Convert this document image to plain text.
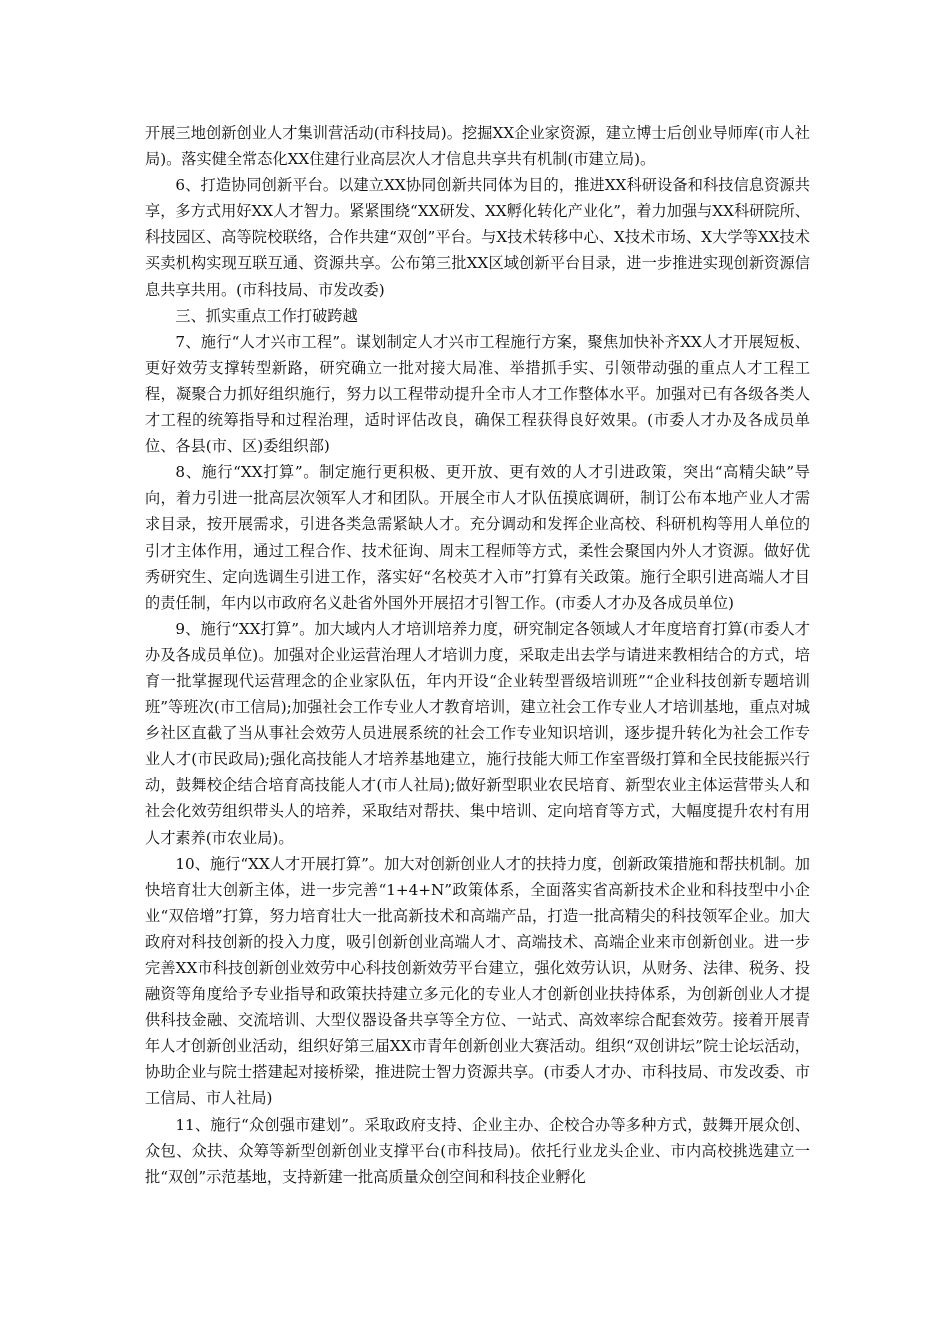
开展三地创新创业人才集训营活动(市科技局)。挖掘XX企业家资源，建立博士后创业导师库(市人社局)。落实健全常态化XX住建行业高层次人才信息共享共有机制(市建立局)。

6、打造协同创新平台。以建立XX协同创新共同体为目的，推进XX科研设备和科技信息资源共享，多方式用好XX人才智力。紧紧围绕“XX研发、XX孵化转化产业化”，着力加强与XX科研院所、科技园区、高等院校联络，合作共建“双创”平台。与X技术转移中心、X技术市场、X大学等XX技术买卖机构实现互联互通、资源共享。公布第三批XX区域创新平台目录，进一步推进实现创新资源信息共享共用。(市科技局、市发改委)

三、抓实重点工作打破跨越

7、施行“人才兴市工程”。谋划制定人才兴市工程施行方案，聚焦加快补齐XX人才开展短板、更好效劳支撑转型新路，研究确立一批对接大局准、举措抓手实、引领带动强的重点人才工程工程，凝聚合力抓好组织施行，努力以工程带动提升全市人才工作整体水平。加强对已有各级各类人才工程的统筹指导和过程治理，适时评估改良，确保工程获得良好效果。(市委人才办及各成员单位、各县(市、区)委组织部)

8、施行“XX打算”。制定施行更积极、更开放、更有效的人才引进政策，突出“高精尖缺”导向，着力引进一批高层次领军人才和团队。开展全市人才队伍摸底调研，制订公布本地产业人才需求目录，按开展需求，引进各类急需紧缺人才。充分调动和发挥企业高校、科研机构等用人单位的引才主体作用，通过工程合作、技术征询、周末工程师等方式，柔性会聚国内外人才资源。做好优秀研究生、定向选调生引进工作，落实好“名校英才入市”打算有关政策。施行全职引进高端人才目的责任制，年内以市政府名义赴省外国外开展招才引智工作。(市委人才办及各成员单位)

9、施行“XX打算”。加大域内人才培训培养力度，研究制定各领域人才年度培育打算(市委人才办及各成员单位)。加强对企业运营治理人才培训力度，采取走出去学与请进来教相结合的方式，培育一批掌握现代运营理念的企业家队伍，年内开设“企业转型晋级培训班”“企业科技创新专题培训班”等班次(市工信局);加强社会工作专业人才教育培训，建立社会工作专业人才培训基地，重点对城乡社区直截了当从事社会效劳人员进展系统的社会工作专业知识培训，逐步提升转化为社会工作专业人才(市民政局);强化高技能人才培养基地建立，施行技能大师工作室晋级打算和全民技能振兴行动，鼓舞校企结合培育高技能人才(市人社局);做好新型职业农民培育、新型农业主体运营带头人和社会化效劳组织带头人的培养，采取结对帮扶、集中培训、定向培育等方式，大幅度提升农村有用人才素养(市农业局)。

10、施行“XX人才开展打算”。加大对创新创业人才的扶持力度，创新政策措施和帮扶机制。加快培育壮大创新主体，进一步完善“1+4+N”政策体系，全面落实省高新技术企业和科技型中小企业“双倍增”打算，努力培育壮大一批高新技术和高端产品，打造一批高精尖的科技领军企业。加大政府对科技创新的投入力度，吸引创新创业高端人才、高端技术、高端企业来市创新创业。进一步完善XX市科技创新创业效劳中心科技创新效劳平台建立，强化效劳认识，从财务、法律、税务、投融资等角度给予专业指导和政策扶持建立多元化的专业人才创新创业扶持体系，为创新创业人才提供科技金融、交流培训、大型仪器设备共享等全方位、一站式、高效率综合配套效劳。接着开展青年人才创新创业活动，组织好第三届XX市青年创新创业大赛活动。组织“双创讲坛”院士论坛活动，协助企业与院士搭建起对接桥梁，推进院士智力资源共享。(市委人才办、市科技局、市发改委、市工信局、市人社局)

11、施行“众创强市建划”。采取政府支持、企业主办、企校合办等多种方式，鼓舞开展众创、众包、众扶、众筹等新型创新创业支撑平台(市科技局)。依托行业龙头企业、市内高校挑选建立一批“双创”示范基地，支持新建一批高质量众创空间和科技企业孵化
